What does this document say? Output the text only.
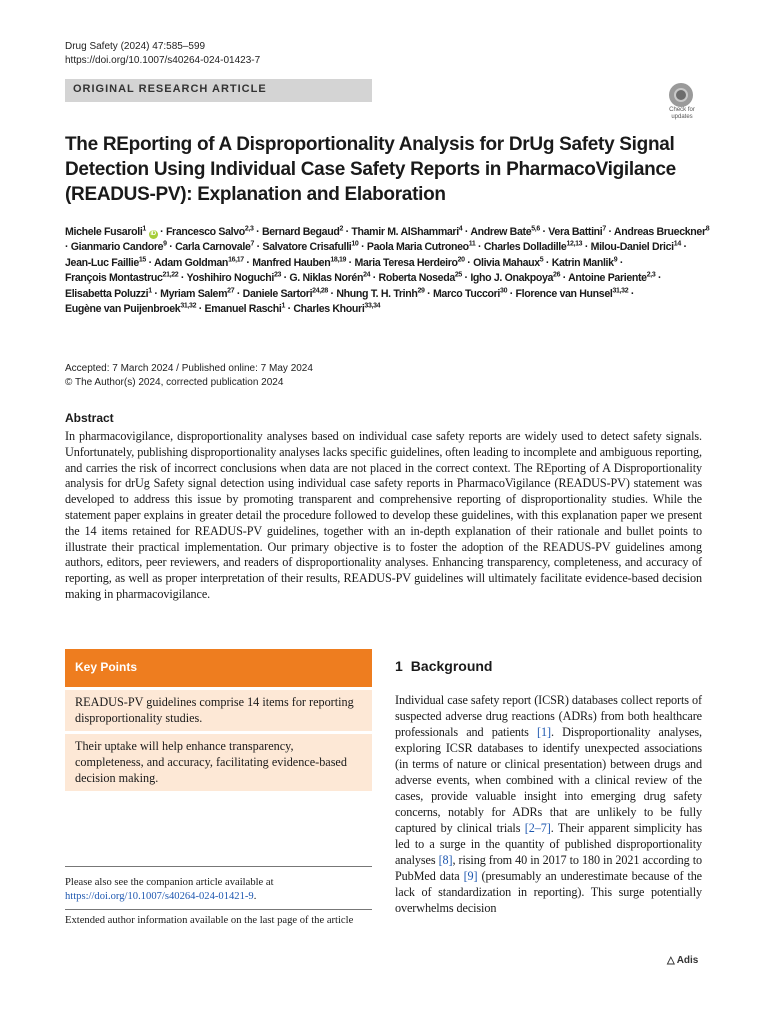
Drug Safety (2024) 47:585–599
https://doi.org/10.1007/s40264-024-01423-7
ORIGINAL RESEARCH ARTICLE
Check for
updates
The REporting of A Disproportionality Analysis for DrUg Safety Signal
Detection Using Individual Case Safety Reports in PharmacoVigilance
(READUS-PV): Explanation and Elaboration
Michele Fusaroli$^1$ iD · Francesco Salvo$^{2,3}$ · Bernard Begaud$^2$ · Thamir M. AlShammari$^4$ · Andrew Bate$^{5,6}$ · Vera Battini$^7$ · Andreas Brueckner$^8$ · Gianmario Candore$^9$ · Carla Carnovale$^7$ · Salvatore Crisafulli$^{10}$ · Paola Maria Cutroneo$^{11}$ · Charles Dolladille$^{12,13}$ · Milou-Daniel Drici$^{14}$ · Jean-Luc Faillie$^{15}$ · Adam Goldman$^{16,17}$ · Manfred Hauben$^{18,19}$ · Maria Teresa Herdeiro$^{20}$ · Olivia Mahaux$^5$ · Katrin Manlik$^9$ · François Montastruc$^{21,22}$ · Yoshihiro Noguchi$^{23}$ · G. Niklas Norén$^{24}$ · Roberta Noseda$^{25}$ · Igho J. Onakpoya$^{26}$ · Antoine Pariente$^{2,3}$ · Elisabetta Poluzzi$^1$ · Myriam Salem$^{27}$ · Daniele Sartori$^{24,28}$ · Nhung T. H. Trinh$^{29}$ · Marco Tuccori$^{30}$ · Florence van Hunsel$^{31,32}$ · Eugène van Puijenbroek$^{31,32}$ · Emanuel Raschi$^1$ · Charles Khouri$^{33,34}$
Accepted: 7 March 2024 / Published online: 7 May 2024
© The Author(s) 2024, corrected publication 2024
Abstract
In pharmacovigilance, disproportionality analyses based on individual case safety reports are widely used to detect safety signals. Unfortunately, publishing disproportionality analyses lacks specific guidelines, often leading to incomplete and ambiguous reporting, and carries the risk of incorrect conclusions when data are not placed in the correct context. The REporting of A Disproportionality analysis for drUg Safety signal detection using individual case safety reports in PharmacoVigilance (READUS-PV) statement was developed to address this issue by promoting transparent and comprehensive reporting of disproportionality studies. While the statement paper explains in greater detail the procedure followed to develop these guidelines, with this explanation paper we present the 14 items retained for READUS-PV guidelines, together with an in-depth explanation of their rationale and bullet points to illustrate their practical implementation. Our primary objective is to foster the adoption of the READUS-PV guidelines among authors, editors, peer reviewers, and readers of disproportionality analyses. Enhancing transparency, completeness, and accuracy of reporting, as well as proper interpretation of their results, READUS-PV guidelines will ultimately facilitate evidence-based decision making in pharmacovigilance.
Key Points
READUS-PV guidelines comprise 14 items for reporting disproportionality studies.
Their uptake will help enhance transparency, completeness, and accuracy, facilitating evidence-based decision making.
Please also see the companion article available at https://doi.org/10.1007/s40264-024-01421-9.
Extended author information available on the last page of the article
1 Background
Individual case safety report (ICSR) databases collect reports of suspected adverse drug reactions (ADRs) from both healthcare professionals and patients [1]. Disproportionality analyses, exploring ICSR databases to identify unexpected associations (in terms of nature or clinical presentation) between drugs and adverse events, when combined with a clinical review of the cases, provide valuable insight into emerging drug safety concerns, notably for ADRs that are unlikely to be fully captured by clinical trials [2–7]. Their apparent simplicity has led to a surge in the quantity of published disproportionality analyses [8], rising from 40 in 2017 to 180 in 2021 according to PubMed data [9] (presumably an underestimate because of the lack of standardization in reporting). This surge potentially overwhelms decision
△ Adis
